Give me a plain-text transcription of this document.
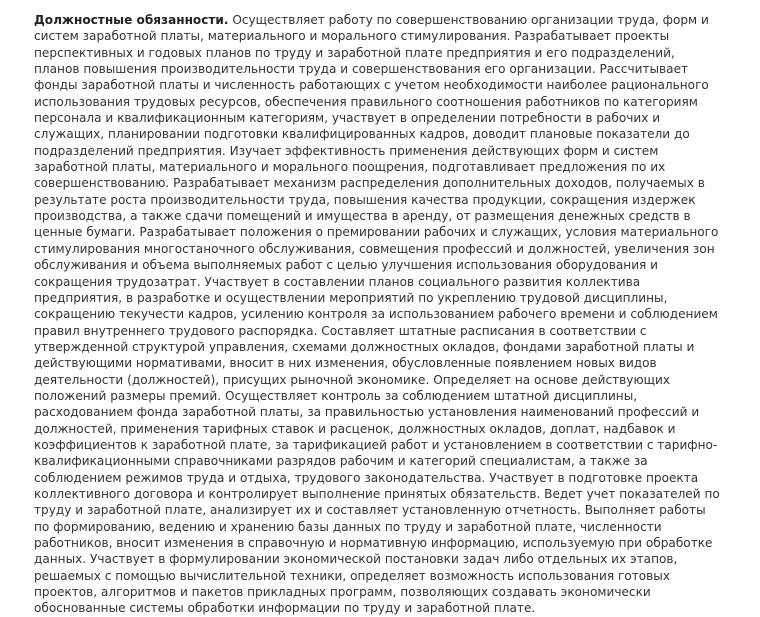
Должностные обязанности. Осуществляет работу по совершенствованию организации труда, форм и систем заработной платы, материального и морального стимулирования. Разрабатывает проекты перспективных и годовых планов по труду и заработной плате предприятия и его подразделений, планов повышения производительности труда и совершенствования его организации. Рассчитывает фонды заработной платы и численность работающих с учетом необходимости наиболее рационального использования трудовых ресурсов, обеспечения правильного соотношения работников по категориям персонала и квалификационным категориям, участвует в определении потребности в рабочих и служащих, планировании подготовки квалифицированных кадров, доводит плановые показатели до подразделений предприятия. Изучает эффективность применения действующих форм и систем заработной платы, материального и морального поощрения, подготавливает предложения по их совершенствованию. Разрабатывает механизм распределения дополнительных доходов, получаемых в результате роста производительности труда, повышения качества продукции, сокращения издержек производства, а также сдачи помещений и имущества в аренду, от размещения денежных средств в ценные бумаги. Разрабатывает положения о премировании рабочих и служащих, условия материального стимулирования многостаночного обслуживания, совмещения профессий и должностей, увеличения зон обслуживания и объема выполняемых работ с целью улучшения использования оборудования и сокращения трудозатрат. Участвует в составлении планов социального развития коллектива предприятия, в разработке и осуществлении мероприятий по укреплению трудовой дисциплины, сокращению текучести кадров, усилению контроля за использованием рабочего времени и соблюдением правил внутреннего трудового распорядка. Составляет штатные расписания в соответствии с утвержденной структурой управления, схемами должностных окладов, фондами заработной платы и действующими нормативами, вносит в них изменения, обусловленные появлением новых видов деятельности (должностей), присущих рыночной экономике. Определяет на основе действующих положений размеры премий. Осуществляет контроль за соблюдением штатной дисциплины, расходованием фонда заработной платы, за правильностью установления наименований профессий и должностей, применения тарифных ставок и расценок, должностных окладов, доплат, надбавок и коэффициентов к заработной плате, за тарификацией работ и установлением в соответствии с тарифно-квалификационными справочниками разрядов рабочим и категорий специалистам, а также за соблюдением режимов труда и отдыха, трудового законодательства. Участвует в подготовке проекта коллективного договора и контролирует выполнение принятых обязательств. Ведет учет показателей по труду и заработной плате, анализирует их и составляет установленную отчетность. Выполняет работы по формированию, ведению и хранению базы данных по труду и заработной плате, численности работников, вносит изменения в справочную и нормативную информацию, используемую при обработке данных. Участвует в формулировании экономической постановки задач либо отдельных их этапов, решаемых с помощью вычислительной техники, определяет возможность использования готовых проектов, алгоритмов и пакетов прикладных программ, позволяющих создавать экономически обоснованные системы обработки информации по труду и заработной плате.
